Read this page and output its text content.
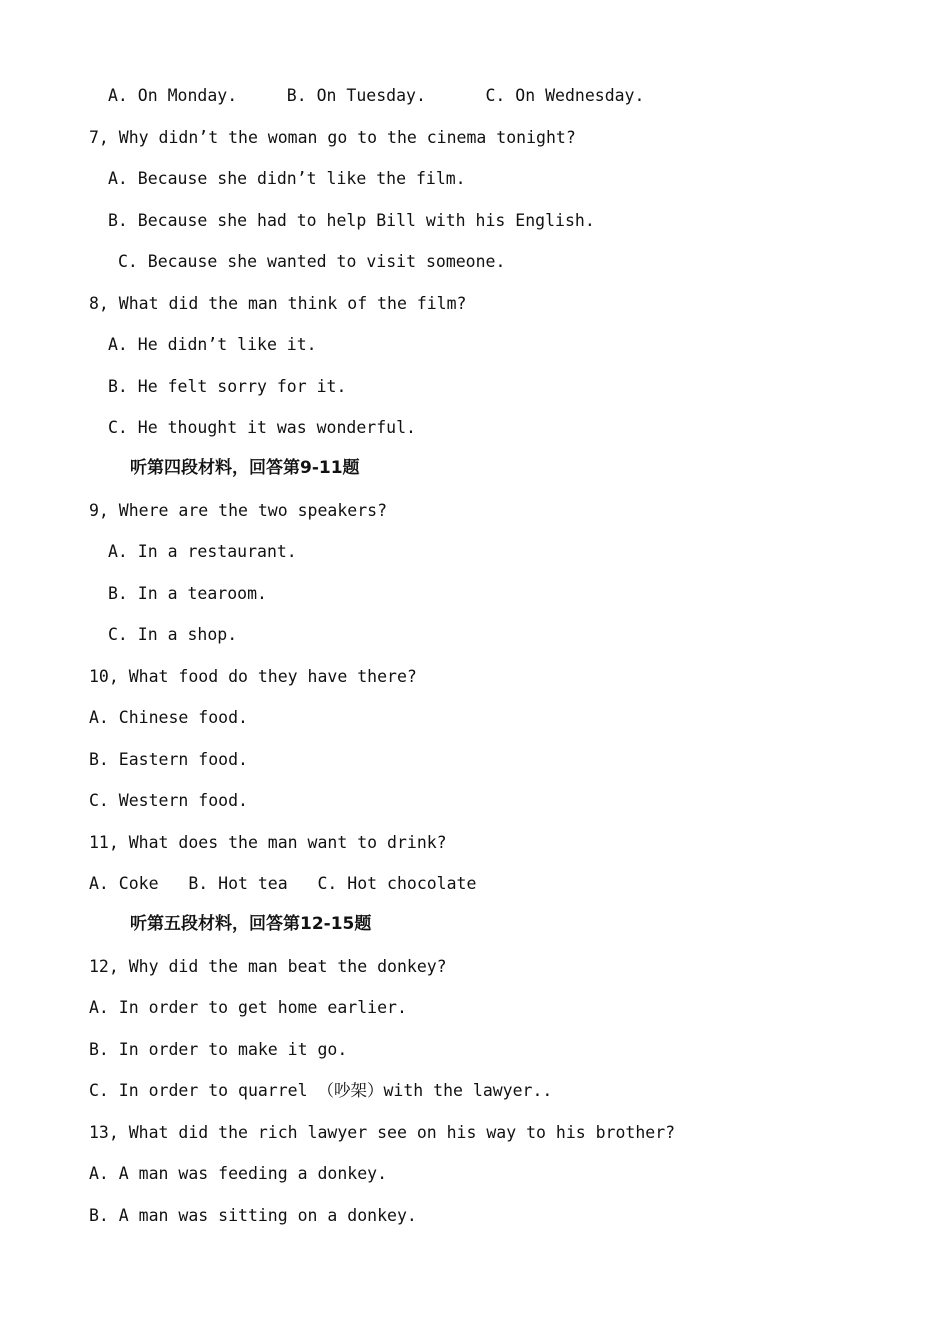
A. On Monday.     B. On Tuesday.      C. On Wednesday.
7, Why didn’t the woman go to the cinema tonight?
A. Because she didn’t like the film.
B. Because she had to help Bill with his English.
C. Because she wanted to visit someone.
8, What did the man think of the film?
A. He didn’t like it.
B. He felt sorry for it.
C. He thought it was wonderful.
听第四段材料，回答第9-11题
9, Where are the two speakers?
A. In a restaurant.
B. In a tearoom.
C. In a shop.
10, What food do they have there?
A. Chinese food.
B. Eastern food.
C. Western food.
11, What does the man want to drink?
A. Coke   B. Hot tea   C. Hot chocolate
听第五段材料，回答第12-15题
12, Why did the man beat the donkey?
A. In order to get home earlier.
B. In order to make it go.
C. In order to quarrel （吵架）with the lawyer..
13, What did the rich lawyer see on his way to his brother?
A. A man was feeding a donkey.
B. A man was sitting on a donkey.
